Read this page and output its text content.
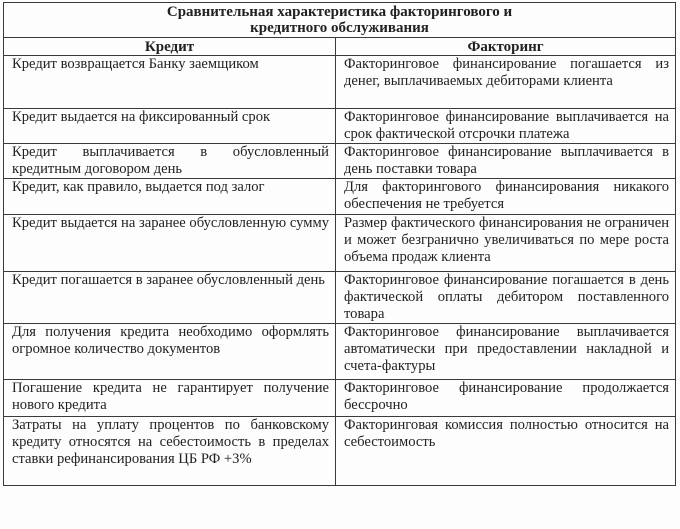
Сравнительная характеристика факторингового и
кредитного обслуживания	
Кредит	Факторинг
Кредит возвращается Банку заемщиком	Факторинговое финансирование погашается из денег, выплачиваемых дебиторами клиента
Кредит выдается на фиксированный срок	Факторинговое финансирование выплачивается на срок фактической отсрочки платежа
Кредит выплачивается в обусловленный кредитным договором день	Факторинговое финансирование выплачивается в день поставки товара
Кредит, как правило, выдается под залог	Для факторингового финансирования никакого обеспечения не требуется
Кредит выдается на заранее обусловленную сумму	Размер фактического финансирования не ограничен и может безгранично увеличиваться по мере роста объема продаж клиента
Кредит погашается в заранее обусловленный день	Факторинговое финансирование погашается в день фактической оплаты дебитором поставленного товара
Для получения кредита необходимо оформлять огромное количество документов	Факторинговое финансирование выплачивается автоматически при предоставлении накладной и счета-фактуры
Погашение кредита не гарантирует получение нового кредита	Факторинговое финансирование продолжается бессрочно
Затраты на уплату процентов по банковскому кредиту относятся на себестоимость в пределах ставки рефинансирования ЦБ РФ +3%	Факторинговая комиссия полностью относится на себестоимость
